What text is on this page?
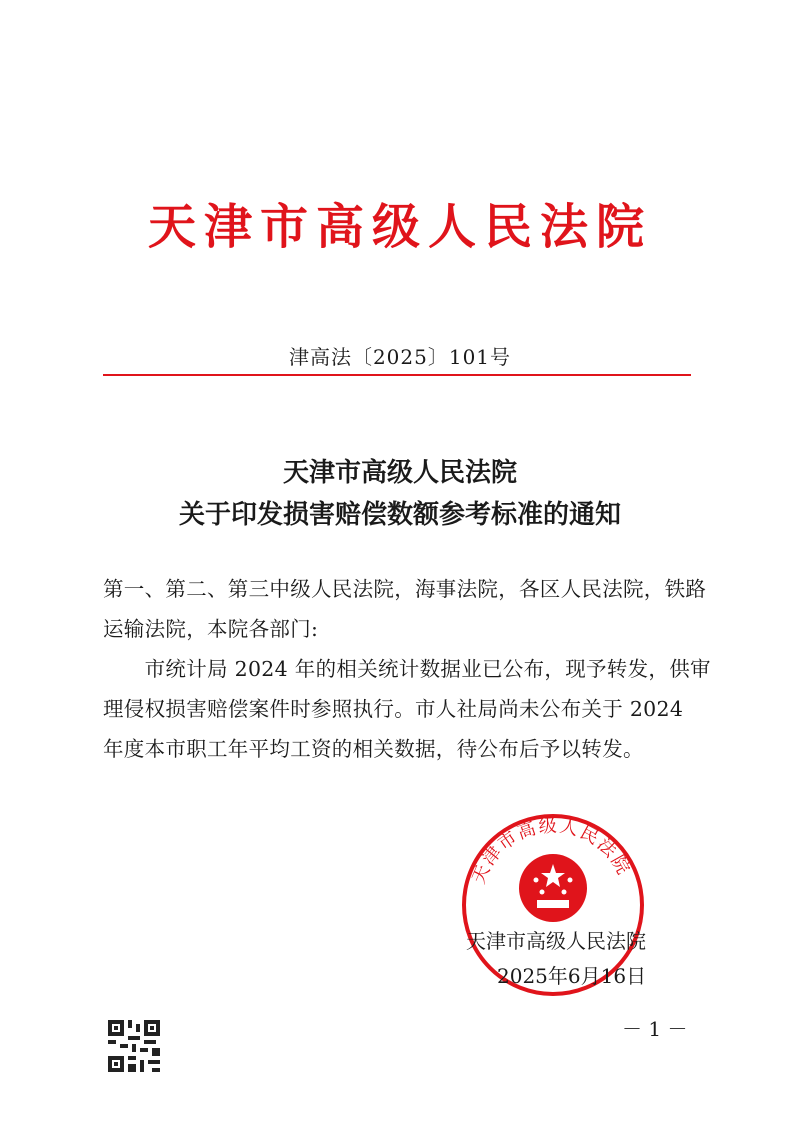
天津市高级人民法院
津高法〔2025〕101号
天津市高级人民法院
关于印发损害赔偿数额参考标准的通知
第一、第二、第三中级人民法院，海事法院，各区人民法院，铁路
运输法院，本院各部门:
　　市统计局 2024 年的相关统计数据业已公布，现予转发，供审
理侵权损害赔偿案件时参照执行。市人社局尚未公布关于 2024
年度本市职工年平均工资的相关数据，待公布后予以转发。
天津市高级人民法院
天津市高级人民法院
2025年6月16日
－ 1 －
